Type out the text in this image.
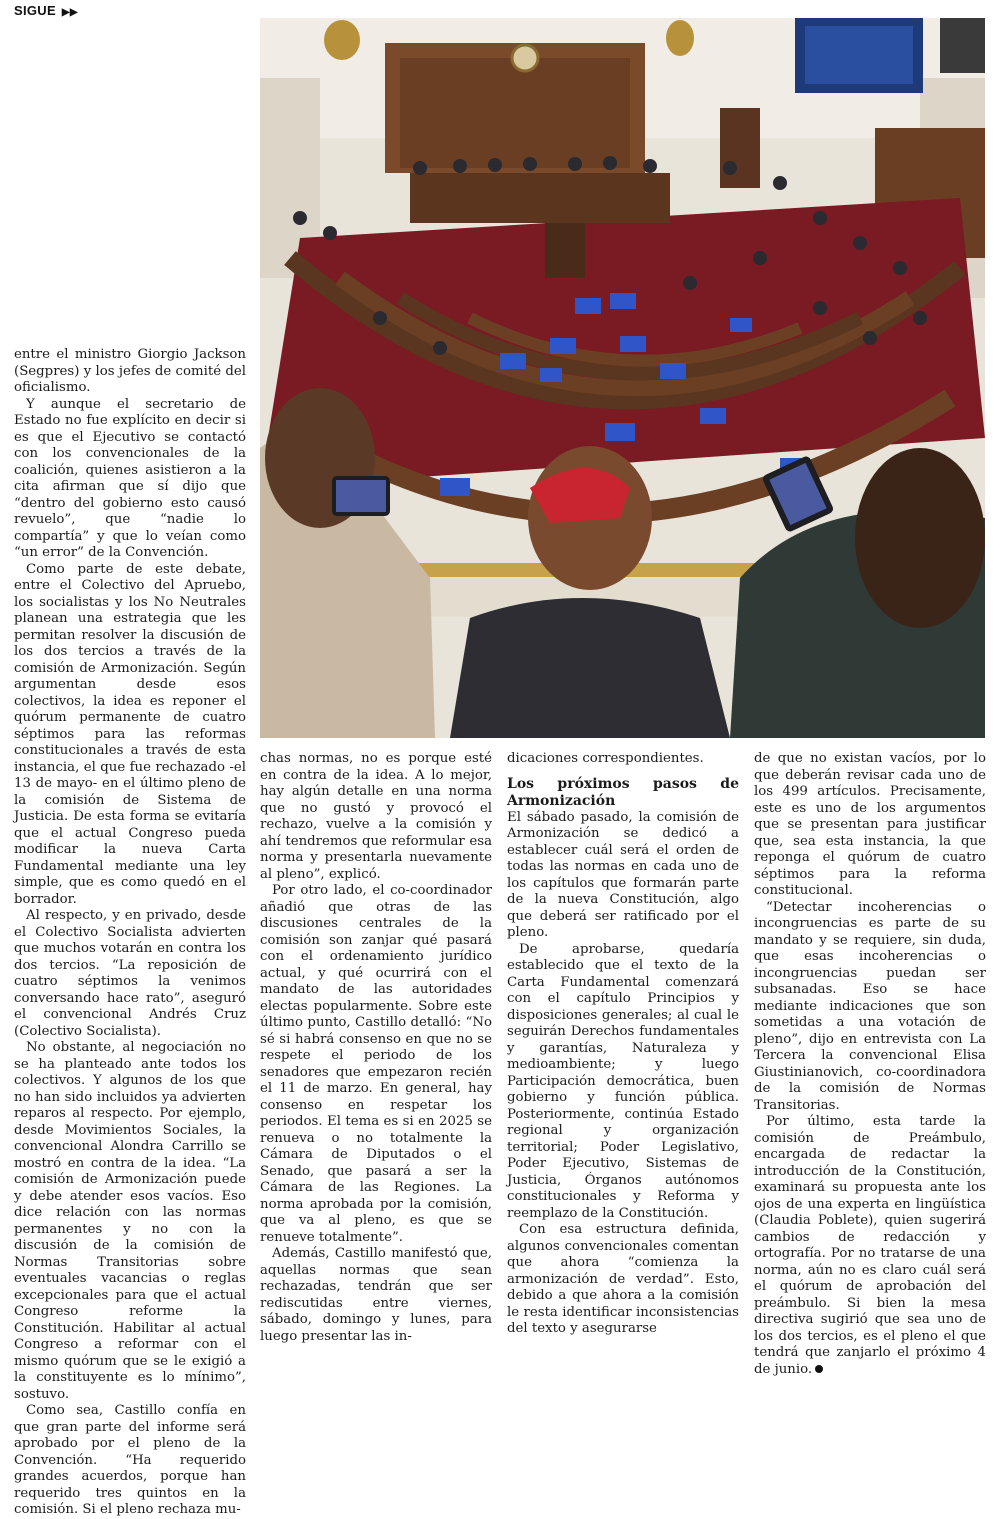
SIGUE ▶▶

entre el ministro Giorgio Jackson (Segpres) y los jefes de comité del oficialismo.

Y aunque el secretario de Estado no fue explícito en decir si es que el Ejecutivo se contactó con los convencionales de la coalición, quienes asistieron a la cita afirman que sí dijo que “dentro del gobierno esto causó revuelo”, que “nadie lo compartía” y que lo veían como “un error” de la Convención.

Como parte de este debate, entre el Colectivo del Apruebo, los socialistas y los No Neutrales planean una estrategia que les permitan resolver la discusión de los dos tercios a través de la comisión de Armonización. Según argumentan desde esos colectivos, la idea es reponer el quórum permanente de cuatro séptimos para las reformas constitucionales a través de esta instancia, el que fue rechazado -el 13 de mayo- en el último pleno de la comisión de Sistema de Justicia. De esta forma se evitaría que el actual Congreso pueda modificar la nueva Carta Fundamental mediante una ley simple, que es como quedó en el borrador.

Al respecto, y en privado, desde el Colectivo Socialista advierten que muchos votarán en contra los dos tercios. “La reposición de cuatro séptimos la venimos conversando hace rato”, aseguró el convencional Andrés Cruz (Colectivo Socialista).

No obstante, al negociación no se ha planteado ante todos los colectivos. Y algunos de los que no han sido incluidos ya advierten reparos al respecto. Por ejemplo, desde Movimientos Sociales, la convencional Alondra Carrillo se mostró en contra de la idea. “La comisión de Armonización puede y debe atender esos vacíos. Eso dice relación con las normas permanentes y no con la discusión de la comisión de Normas Transitorias sobre eventuales vacancias o reglas excepcionales para que el actual Congreso reforme la Constitución. Habilitar al actual Congreso a reformar con el mismo quórum que se le exigió a la constituyente es lo mínimo”, sostuvo.

Como sea, Castillo confía en que gran parte del informe será aprobado por el pleno de la Convención. “Ha requerido grandes acuerdos, porque han requerido tres quintos en la comisión. Si el pleno rechaza mu-

chas normas, no es porque esté en contra de la idea. A lo mejor, hay algún detalle en una norma que no gustó y provocó el rechazo, vuelve a la comisión y ahí tendremos que reformular esa norma y presentarla nuevamente al pleno”, explicó.

Por otro lado, el co-coordinador añadió que otras de las discusiones centrales de la comisión son zanjar qué pasará con el ordenamiento jurídico actual, y qué ocurrirá con el mandato de las autoridades electas popularmente. Sobre este último punto, Castillo detalló: “No sé si habrá consenso en que no se respete el periodo de los senadores que empezaron recién el 11 de marzo. En general, hay consenso en respetar los periodos. El tema es si en 2025 se renueva o no totalmente la Cámara de Diputados o el Senado, que pasará a ser la Cámara de las Regiones. La norma aprobada por la comisión, que va al pleno, es que se renueve totalmente”.

Además, Castillo manifestó que, aquellas normas que sean rechazadas, tendrán que ser rediscutidas entre viernes, sábado, domingo y lunes, para luego presentar las in-

dicaciones correspondientes.

Los próximos pasos de Armonización

El sábado pasado, la comisión de Armonización se dedicó a establecer cuál será el orden de todas las normas en cada uno de los capítulos que formarán parte de la nueva Constitución, algo que deberá ser ratificado por el pleno.

De aprobarse, quedaría establecido que el texto de la Carta Fundamental comenzará con el capítulo Principios y disposiciones generales; al cual le seguirán Derechos fundamentales y garantías, Naturaleza y medioambiente; y luego Participación democrática, buen gobierno y función pública. Posteriormente, continúa Estado regional y organización territorial; Poder Legislativo, Poder Ejecutivo, Sistemas de Justicia, Órganos autónomos constitucionales y Reforma y reemplazo de la Constitución.

Con esa estructura definida, algunos convencionales comentan que ahora “comienza la armonización de verdad”. Esto, debido a que ahora a la comisión le resta identificar inconsistencias del texto y asegurarse

de que no existan vacíos, por lo que deberán revisar cada uno de los 499 artículos. Precisamente, este es uno de los argumentos que se presentan para justificar que, sea esta instancia, la que reponga el quórum de cuatro séptimos para la reforma constitucional.

“Detectar incoherencias o incongruencias es parte de su mandato y se requiere, sin duda, que esas incoherencias o incongruencias puedan ser subsanadas. Eso se hace mediante indicaciones que son sometidas a una votación de pleno”, dijo en entrevista con La Tercera la convencional Elisa Giustinianovich, co-coordinadora de la comisión de Normas Transitorias.

Por último, esta tarde la comisión de Preámbulo, encargada de redactar la introducción de la Constitución, examinará su propuesta ante los ojos de una experta en lingüística (Claudia Poblete), quien sugerirá cambios de redacción y ortografía. Por no tratarse de una norma, aún no es claro cuál será el quórum de aprobación del preámbulo. Si bien la mesa directiva sugirió que sea uno de los dos tercios, es el pleno el que tendrá que zanjarlo el próximo 4 de junio.
